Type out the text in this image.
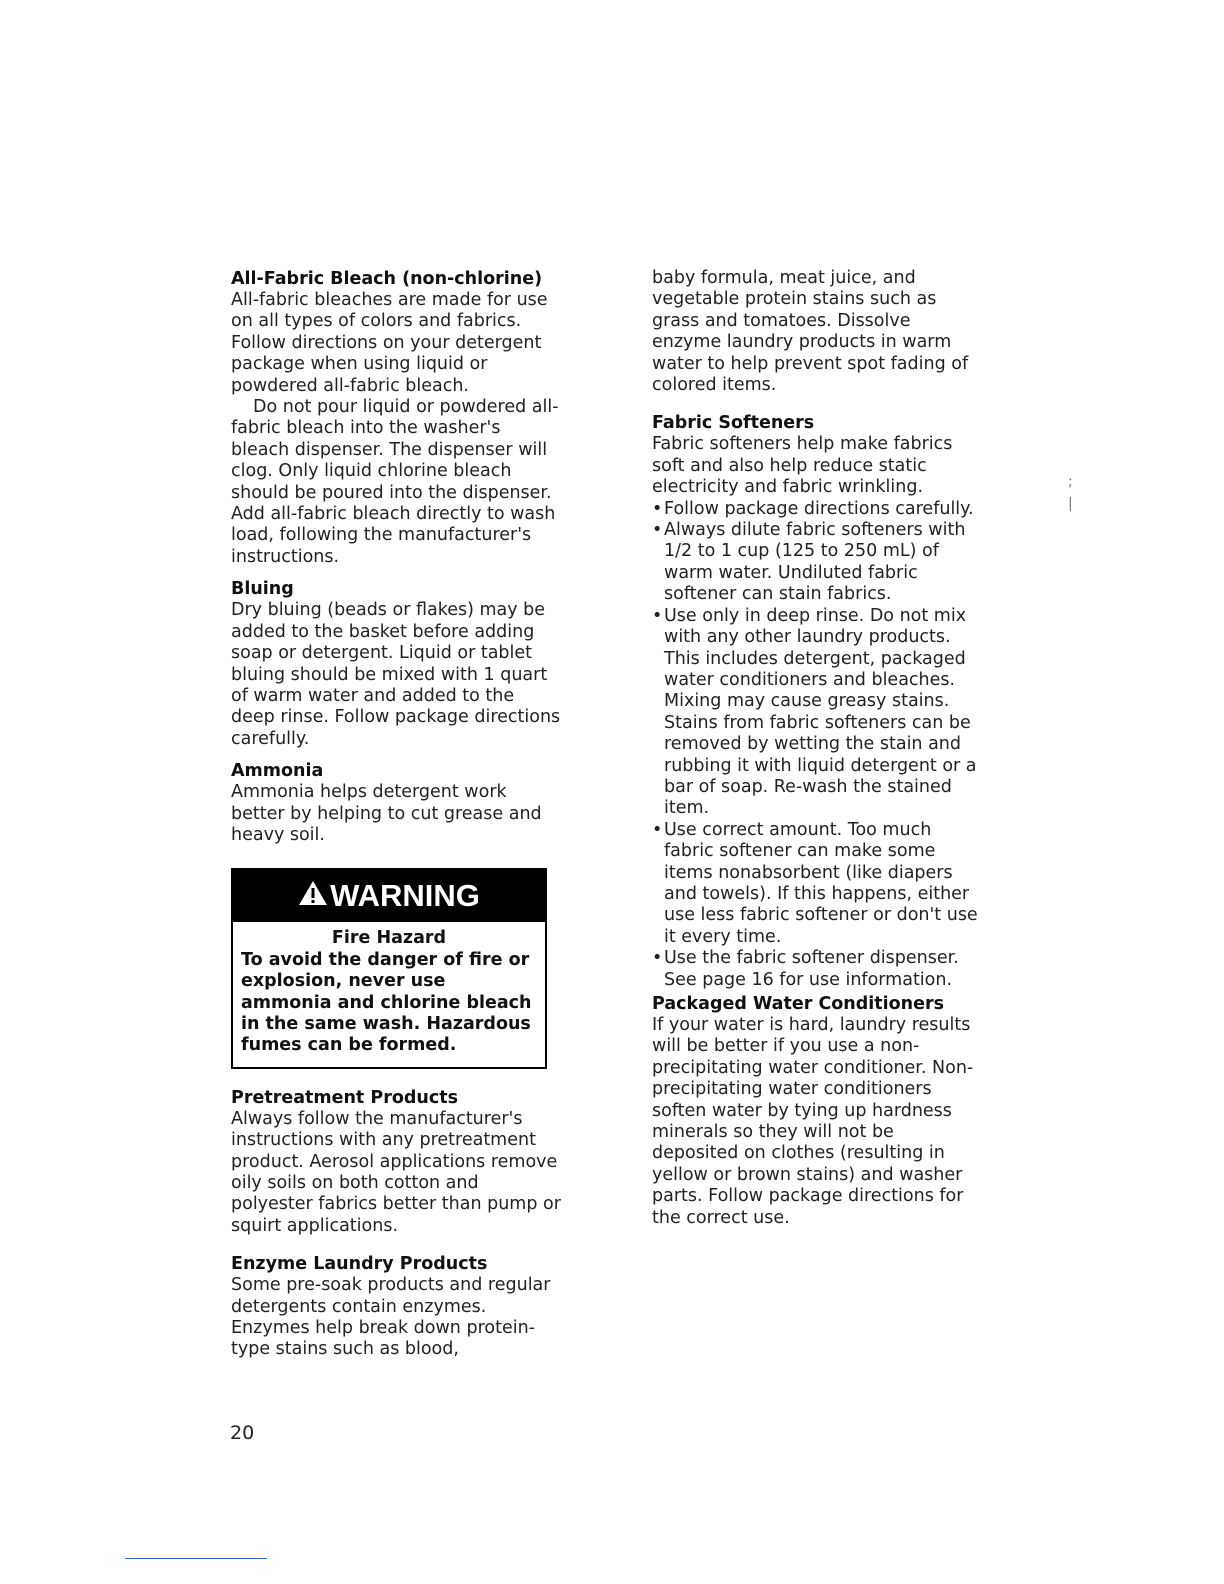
All-Fabric Bleach (non-chlorine)

All-fabric bleaches are made for use on all types of colors and fabrics. Follow directions on your detergent package when using liquid or powdered all-fabric bleach.

Do not pour liquid or powdered all-fabric bleach into the washer's bleach dispenser. The dispenser will clog. Only liquid chlorine bleach should be poured into the dispenser. Add all-fabric bleach directly to wash load, following the manufacturer's instructions.

Bluing

Dry bluing (beads or flakes) may be added to the basket before adding soap or detergent. Liquid or tablet bluing should be mixed with 1 quart of warm water and added to the deep rinse. Follow package directions carefully.

Ammonia

Ammonia helps detergent work better by helping to cut grease and heavy soil.

WARNING

Fire Hazard

To avoid the danger of fire or explosion, never use ammonia and chlorine bleach in the same wash. Hazardous fumes can be formed.

Pretreatment Products

Always follow the manufacturer's instructions with any pretreatment product. Aerosol applications remove oily soils on both cotton and polyester fabrics better than pump or squirt applications.

Enzyme Laundry Products

Some pre-soak products and regular detergents contain enzymes. Enzymes help break down protein-type stains such as blood,

baby formula, meat juice, and vegetable protein stains such as grass and tomatoes. Dissolve enzyme laundry products in warm water to help prevent spot fading of colored items.

Fabric Softeners

Fabric softeners help make fabrics soft and also help reduce static electricity and fabric wrinkling.

•Follow package directions carefully.
•Always dilute fabric softeners with 1/2 to 1 cup (125 to 250 mL) of warm water. Undiluted fabric softener can stain fabrics.
•Use only in deep rinse. Do not mix with any other laundry products. This includes detergent, packaged water conditioners and bleaches. Mixing may cause greasy stains. Stains from fabric softeners can be removed by wetting the stain and rubbing it with liquid detergent or a bar of soap. Re-wash the stained item.
•Use correct amount. Too much fabric softener can make some items nonabsorbent (like diapers and towels). If this happens, either use less fabric softener or don't use it every time.
•Use the fabric softener dispenser. See page 16 for use information.
Packaged Water Conditioners

If your water is hard, laundry results will be better if you use a non-precipitating water conditioner. Non-precipitating water conditioners soften water by tying up hardness minerals so they will not be deposited on clothes (resulting in yellow or brown stains) and washer parts. Follow package directions for the correct use.

;
|
20
